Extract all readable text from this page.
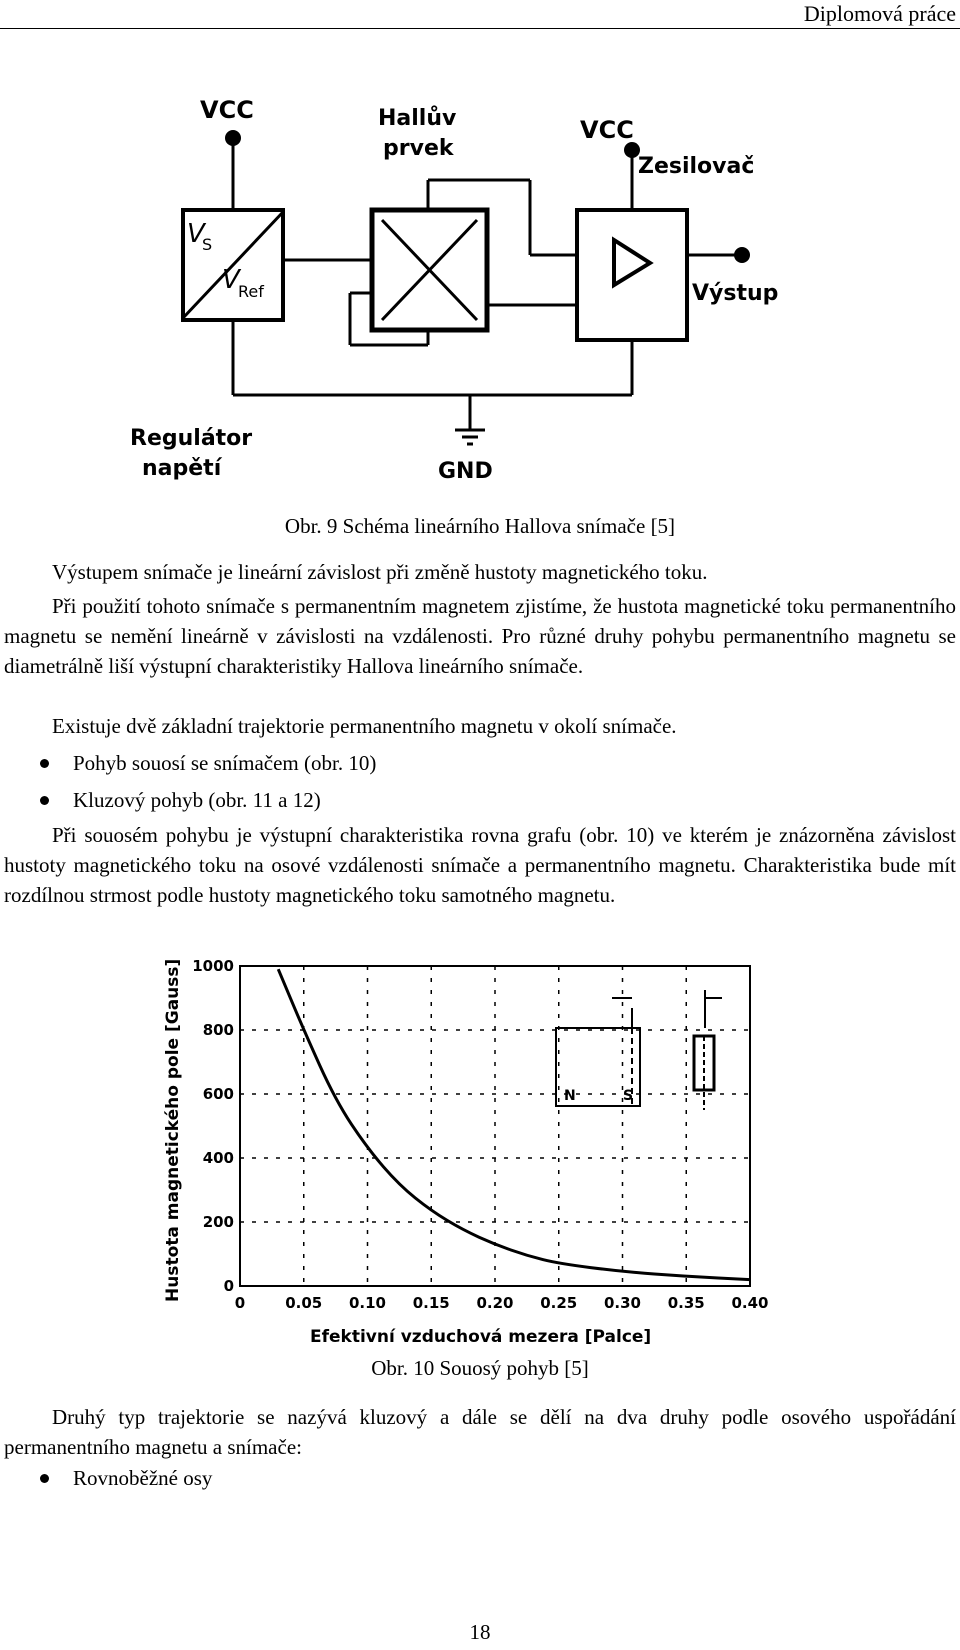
Diplomová práce
VCC	Hallův
prvek
VCC
Zesilovač
V
S
V
Ref	Výstup
Regulátor
napětí	GND
Obr. 9 Schéma lineárního Hallova snímače [5]
Výstupem snímače je lineární závislost při změně hustoty magnetického toku.
Při použití tohoto snímače s permanentním magnetem zjistíme, že hustota magnetické toku permanentního magnetu se nemění lineárně v závislosti na vzdálenosti. Pro různé druhy pohybu permanentního magnetu se diametrálně liší výstupní charakteristiky Hallova lineárního snímače.
Existuje dvě základní trajektorie permanentního magnetu v okolí snímače.
Pohyb souosí se snímačem (obr. 10)
Kluzový pohyb (obr. 11 a 12)
Při souosém pohybu je výstupní charakteristika rovna grafu (obr. 10) ve kterém je znázorněna závislost hustoty magnetického toku na osové vzdálenosti snímače a permanentního magnetu. Charakteristika bude mít rozdílnou strmost podle hustoty magnetického toku samotného magnetu.
0	0.05 0.10 0.15 0.20 0.25 0.30 0.35 0.40
0
200
400
600
800
1000
N	S
Efektivní vzduchová mezera [Palce]
Hustota magnetického pole [Gauss]
Obr. 10 Souosý pohyb [5]
Druhý typ trajektorie se nazývá kluzový a dále se dělí na dva druhy podle osového uspořádání permanentního magnetu a snímače:
Rovnoběžné osy
18
